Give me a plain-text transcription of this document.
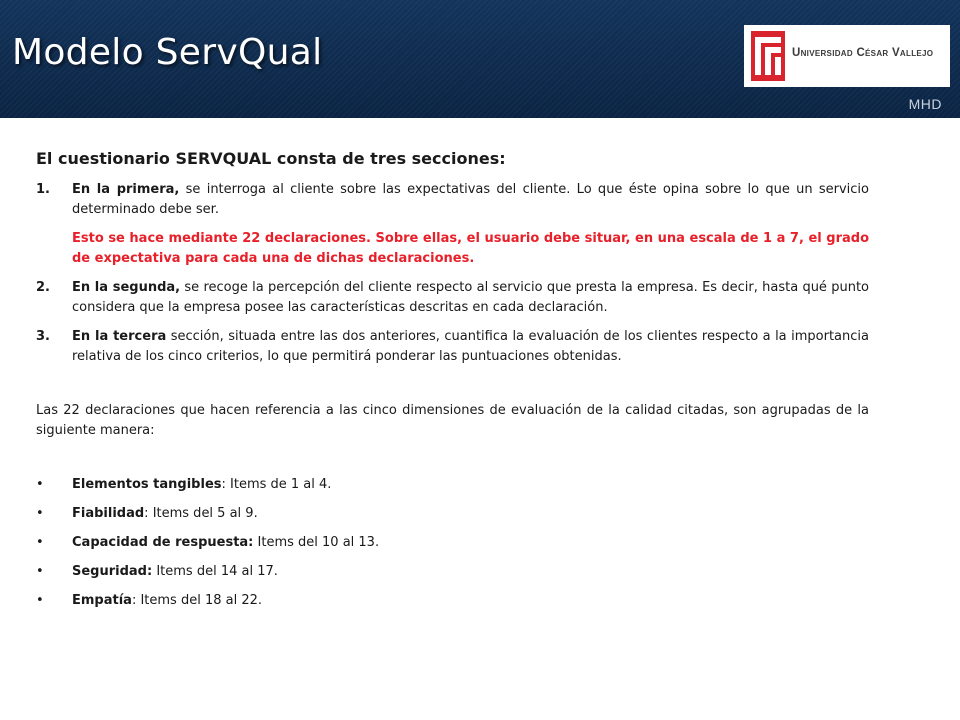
Modelo ServQual	Universidad César Vallejo
MHD
El cuestionario SERVQUAL consta de tres secciones:
1.	En la primera, se interroga al cliente sobre las expectativas del cliente. Lo que éste opina sobre lo que un servicio determinado debe ser.
Esto se hace mediante 22 declaraciones. Sobre ellas, el usuario debe situar, en una escala de 1 a 7, el grado de expectativa para cada una de dichas declaraciones.
2.	En la segunda, se recoge la percepción del cliente respecto al servicio que presta la empresa. Es decir, hasta qué punto considera que la empresa posee las características descritas en cada declaración.
3.	En la tercera sección, situada entre las dos anteriores, cuantifica la evaluación de los clientes respecto a la importancia relativa de los cinco criterios, lo que permitirá ponderar las puntuaciones obtenidas.
Las 22 declaraciones que hacen referencia a las cinco dimensiones de evaluación de la calidad citadas, son agrupadas de la siguiente manera:
•	Elementos tangibles: Items de 1 al 4.
•	Fiabilidad: Items del 5 al 9.
•	Capacidad de respuesta: Items del 10 al 13.
•	Seguridad: Items del 14 al 17.
•	Empatía: Items del 18 al 22.
